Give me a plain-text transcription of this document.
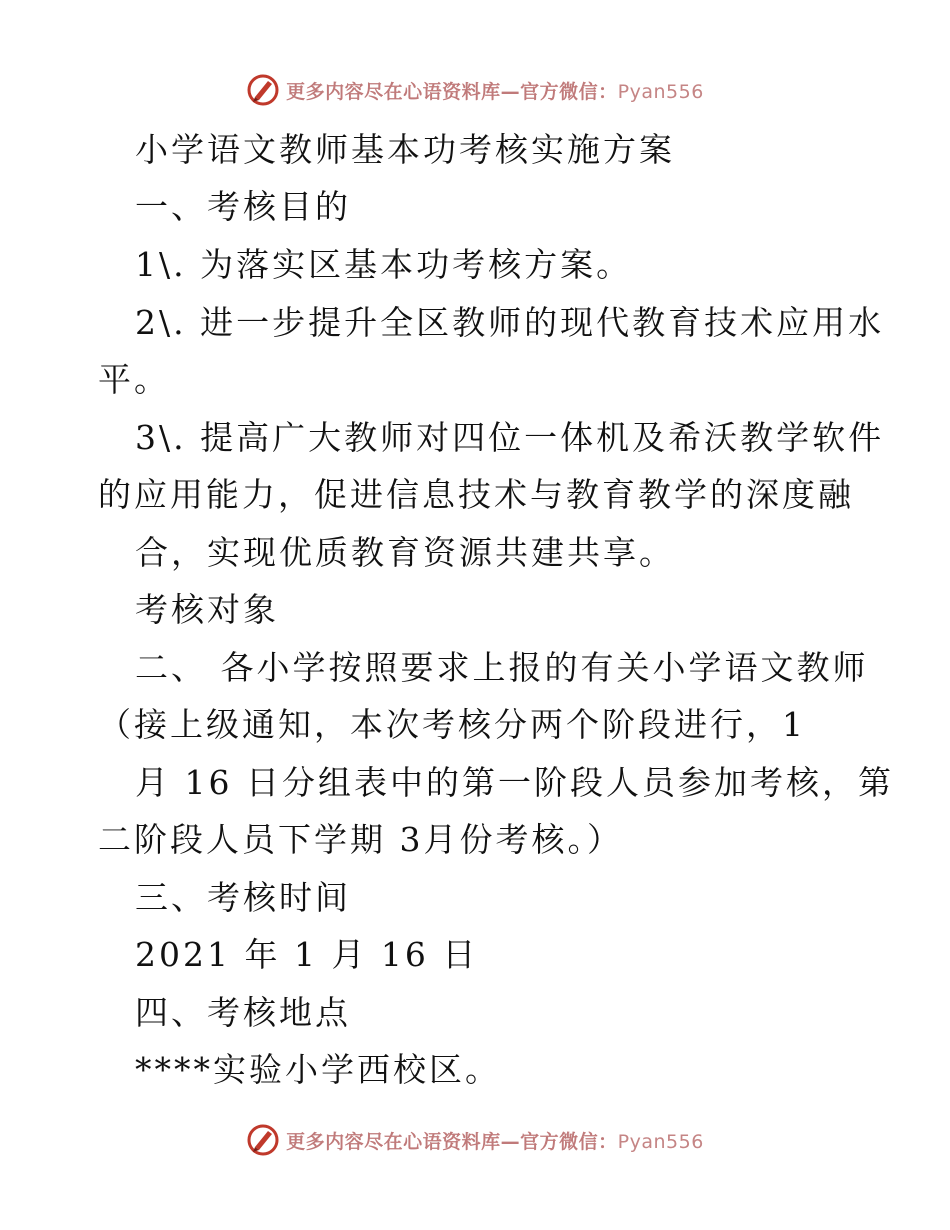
更多内容尽在心语资料库—官方微信：Pyan556
小学语文教师基本功考核实施方案
一、考核目的
1\. 为落实区基本功考核方案。
2\. 进一步提升全区教师的现代教育技术应用水
平。
3\. 提高广大教师对四位一体机及希沃教学软件
的应用能力，促进信息技术与教育教学的深度融
合，实现优质教育资源共建共享。
考核对象
二、 各小学按照要求上报的有关小学语文教师
（接上级通知，本次考核分两个阶段进行，1
月 16 日分组表中的第一阶段人员参加考核，第
二阶段人员下学期 3月份考核。）
三、考核时间
2021 年 1 月 16 日
四、考核地点
****实验小学西校区。
更多内容尽在心语资料库—官方微信：Pyan556
